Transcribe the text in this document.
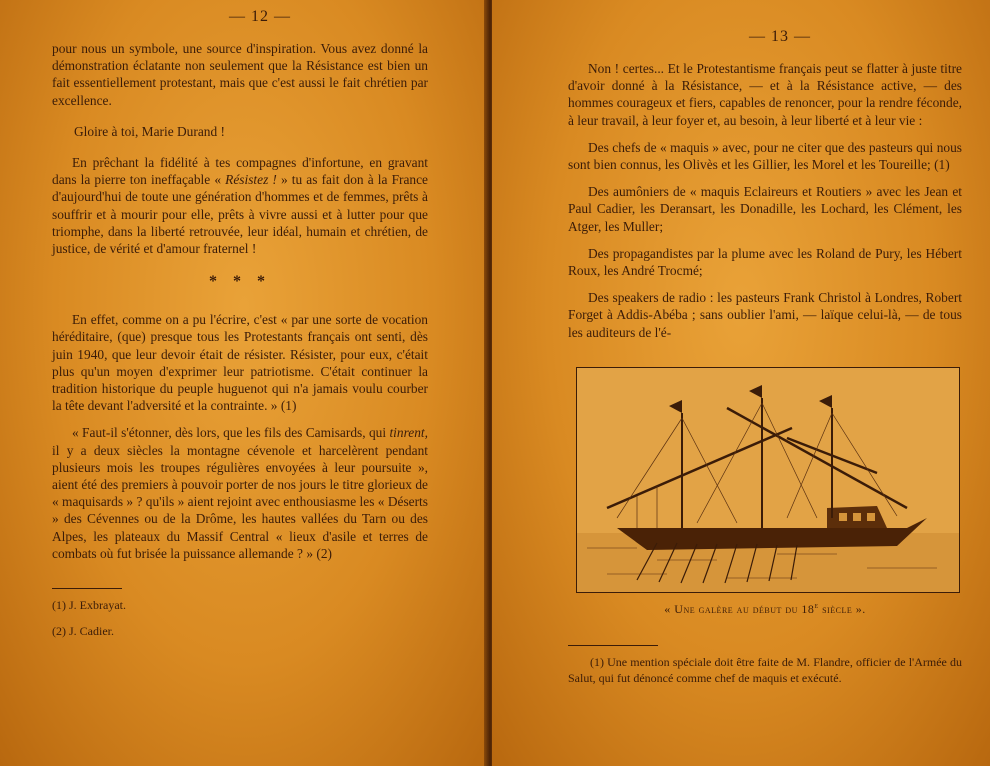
— 12 —

pour nous un symbole, une source d'inspiration. Vous avez donné la démonstration éclatante non seulement que la Résistance est bien un fait essentiellement protestant, mais que c'est aussi le fait chrétien par excellence.

Gloire à toi, Marie Durand !

En prêchant la fidélité à tes compagnes d'infortune, en gravant dans la pierre ton ineffaçable « Résistez ! » tu as fait don à la France d'aujourd'hui de toute une génération d'hommes et de femmes, prêts à souffrir et à mourir pour elle, prêts à vivre aussi et à lutter pour que triomphe, dans la liberté retrouvée, leur idéal, humain et chrétien, de justice, de vérité et d'amour fraternel !

* * *

En effet, comme on a pu l'écrire, c'est « par une sorte de vocation héréditaire, (que) presque tous les Protestants français ont senti, dès juin 1940, que leur devoir était de résister. Résister, pour eux, c'était plus qu'un moyen d'exprimer leur patriotisme. C'était continuer la tradition historique du peuple huguenot qui n'a jamais voulu courber la tête devant l'adversité et la contrainte. » (1)

« Faut-il s'étonner, dès lors, que les fils des Camisards, qui tinrent, il y a deux siècles la montagne cévenole et harcelèrent pendant plusieurs mois les troupes régulières envoyées à leur poursuite », aient été des premiers à pouvoir porter de nos jours le titre glorieux de « maquisards » ? qu'ils » aient rejoint avec enthousiasme les « Déserts » des Cévennes ou de la Drôme, les hautes vallées du Tarn ou des Alpes, les plateaux du Massif Central « lieux d'asile et terres de combats où fut brisée la puissance allemande ? » (2)

(1) J. Exbrayat.

(2) J. Cadier.

— 13 —

Non ! certes... Et le Protestantisme français peut se flatter à juste titre d'avoir donné à la Résistance, — et à la Résistance active, — des hommes courageux et fiers, capables de renoncer, pour la rendre féconde, à leur travail, à leur foyer et, au besoin, à leur liberté et à leur vie :

Des chefs de « maquis » avec, pour ne citer que des pasteurs qui nous sont bien connus, les Olivès et les Gillier, les Morel et les Toureille; (1)

Des aumôniers de « maquis Eclaireurs et Routiers » avec les Jean et Paul Cadier, les Deransart, les Donadille, les Lochard, les Clément, les Atger, les Muller;

Des propagandistes par la plume avec les Roland de Pury, les Hébert Roux, les André Trocmé;

Des speakers de radio : les pasteurs Frank Christol à Londres, Robert Forget à Addis-Abéba ; sans oublier l'ami, — laïque celui-là, — de tous les auditeurs de l'é-

« Une galère au début du 18e siècle ».

(1) Une mention spéciale doit être faite de M. Flandre, officier de l'Armée du Salut, qui fut dénoncé comme chef de maquis et exécuté.
